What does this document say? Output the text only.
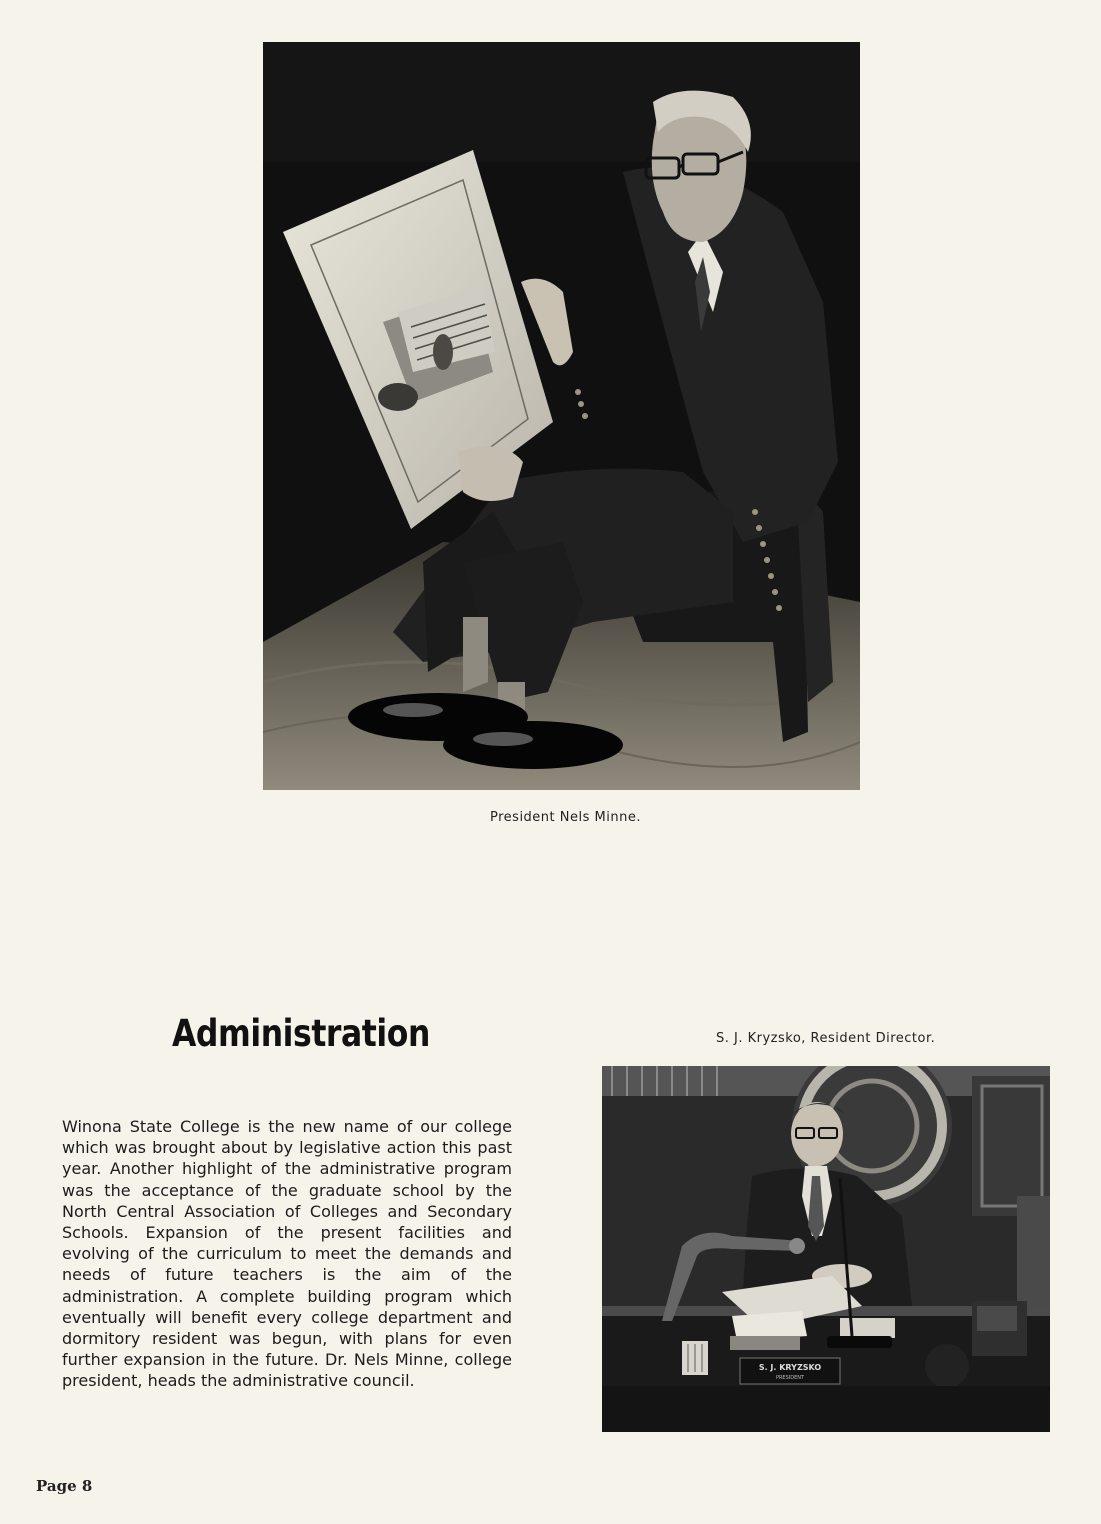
President Nels Minne.
Administration	S. J. Kryzsko, Resident Director.
S. J. KRYZSKO
PRESIDENT

Winona State College is the new name of our college which was brought about by legislative action this past year. Another highlight of the administrative program was the acceptance of the graduate school by the North Central Association of Colleges and Secondary Schools. Expansion of the present facilities and evolving of the curriculum to meet the demands and needs of future teachers is the aim of the administration. A complete building program which eventually will benefit every college department and dormitory resident was begun, with plans for even further expansion in the future. Dr. Nels Minne, college president, heads the administrative council.

Page 8
